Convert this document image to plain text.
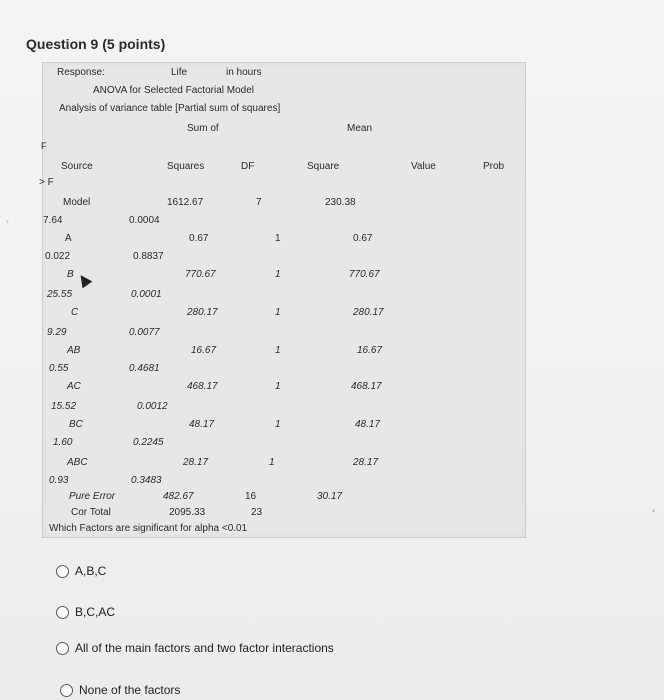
Question 9 (5 points)
Response:	Life	in hours
ANOVA for Selected Factorial Model
Analysis of variance table [Partial sum of squares]
Sum of	Mean
F
Source	Squares	DF	Square	Value	Prob
> F
Model	1612.67	7	230.38
7.64	0.0004
A	0.67	1	0.67
0.022	0.8837
B	770.67	1	770.67
25.55	0.0001
C	280.17	1	280.17
9.29	0.0077
AB	16.67	1	16.67
0.55	0.4681
AC	468.17	1	468.17
15.52	0.0012
BC	48.17	1	48.17
1.60	0.2245
ABC	28.17	1	28.17
0.93	0.3483
Pure Error	482.67	16	30.17
Cor Total	2095.33	23
Which Factors are significant for alpha <0.01
‹
•
A,B,C
B,C,AC
All of the main factors and two factor interactions
None of the factors
